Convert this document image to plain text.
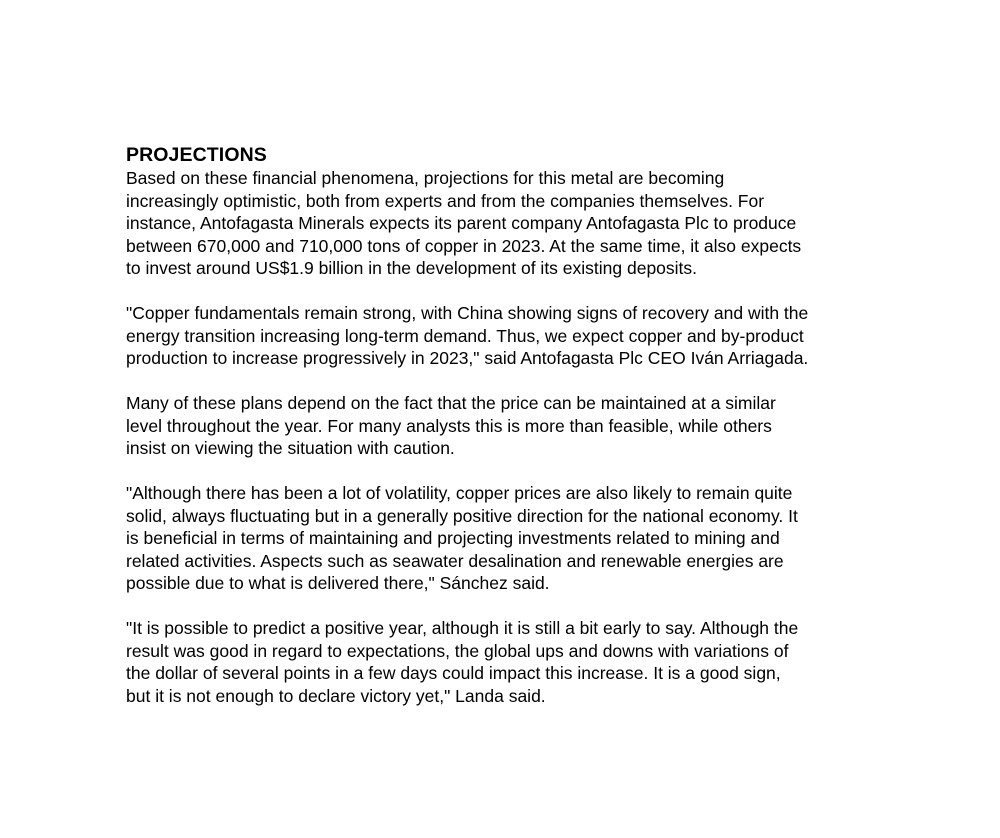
PROJECTIONS

Based on these financial phenomena, projections for this metal are becoming
increasingly optimistic, both from experts and from the companies themselves. For
instance, Antofagasta Minerals expects its parent company Antofagasta Plc to produce
between 670,000 and 710,000 tons of copper in 2023. At the same time, it also expects
to invest around US$1.9 billion in the development of its existing deposits.

"Copper fundamentals remain strong, with China showing signs of recovery and with the
energy transition increasing long-term demand. Thus, we expect copper and by-product
production to increase progressively in 2023," said Antofagasta Plc CEO Iván Arriagada.

Many of these plans depend on the fact that the price can be maintained at a similar
level throughout the year. For many analysts this is more than feasible, while others
insist on viewing the situation with caution.

"Although there has been a lot of volatility, copper prices are also likely to remain quite
solid, always fluctuating but in a generally positive direction for the national economy. It
is beneficial in terms of maintaining and projecting investments related to mining and
related activities. Aspects such as seawater desalination and renewable energies are
possible due to what is delivered there," Sánchez said.

"It is possible to predict a positive year, although it is still a bit early to say. Although the
result was good in regard to expectations, the global ups and downs with variations of
the dollar of several points in a few days could impact this increase. It is a good sign,
but it is not enough to declare victory yet," Landa said.
